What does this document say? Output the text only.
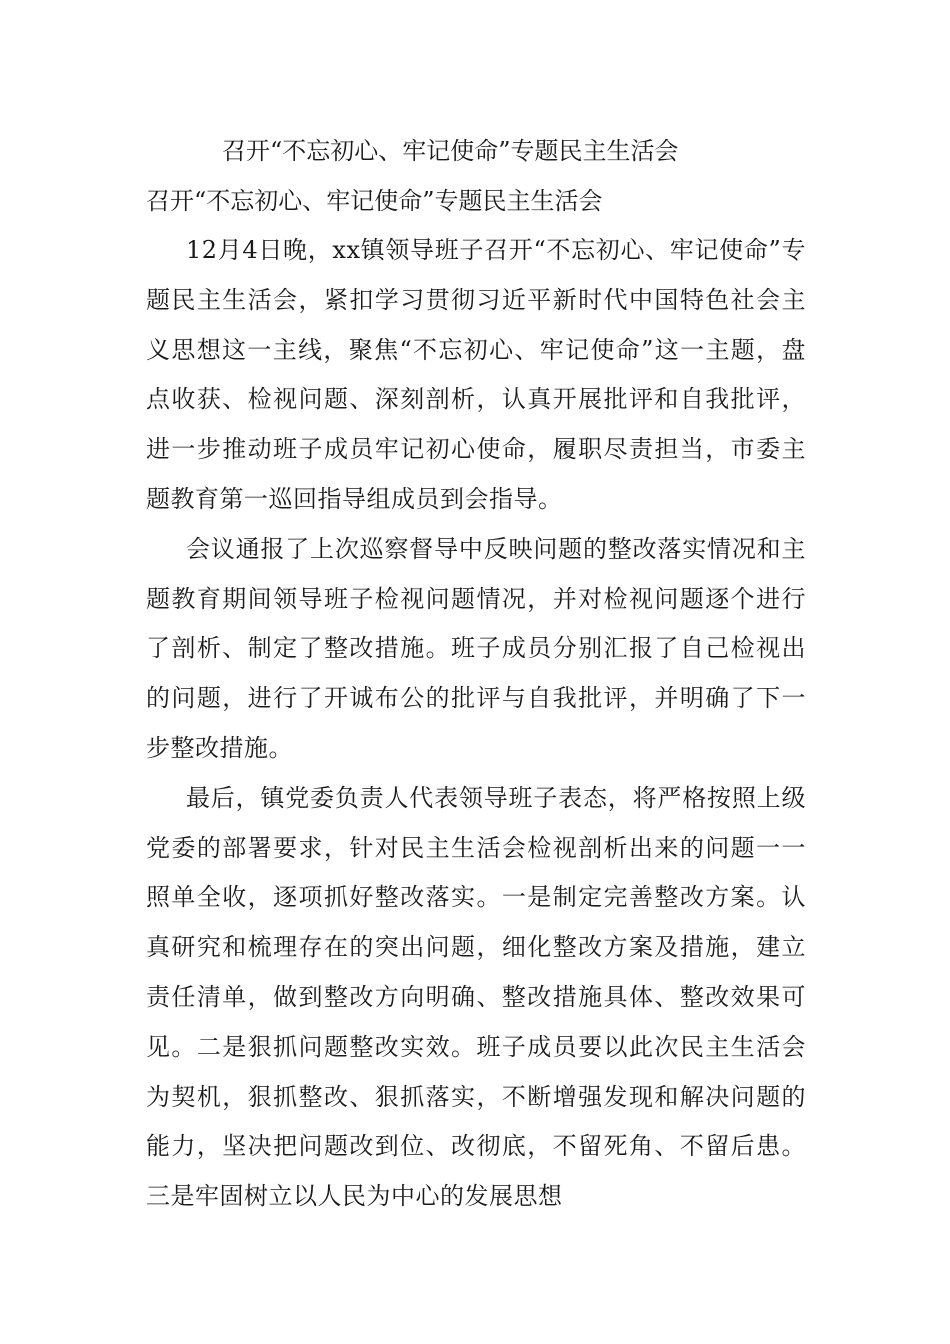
召开“不忘初心、牢记使命”专题民主生活会
召开“不忘初心、牢记使命”专题民主生活会

12月4日晚，xx镇领导班子召开“不忘初心、牢记使命”专题民主生活会，紧扣学习贯彻习近平新时代中国特色社会主义思想这一主线，聚焦“不忘初心、牢记使命”这一主题，盘点收获、检视问题、深刻剖析，认真开展批评和自我批评，进一步推动班子成员牢记初心使命，履职尽责担当，市委主题教育第一巡回指导组成员到会指导。

会议通报了上次巡察督导中反映问题的整改落实情况和主题教育期间领导班子检视问题情况，并对检视问题逐个进行了剖析、制定了整改措施。班子成员分别汇报了自己检视出的问题，进行了开诚布公的批评与自我批评，并明确了下一步整改措施。

最后，镇党委负责人代表领导班子表态，将严格按照上级党委的部署要求，针对民主生活会检视剖析出来的问题一一照单全收，逐项抓好整改落实。一是制定完善整改方案。认真研究和梳理存在的突出问题，细化整改方案及措施，建立责任清单，做到整改方向明确、整改措施具体、整改效果可见。二是狠抓问题整改实效。班子成员要以此次民主生活会为契机，狠抓整改、狠抓落实，不断增强发现和解决问题的能力，坚决把问题改到位、改彻底，不留死角、不留后患。三是牢固树立以人民为中心的发展思想
